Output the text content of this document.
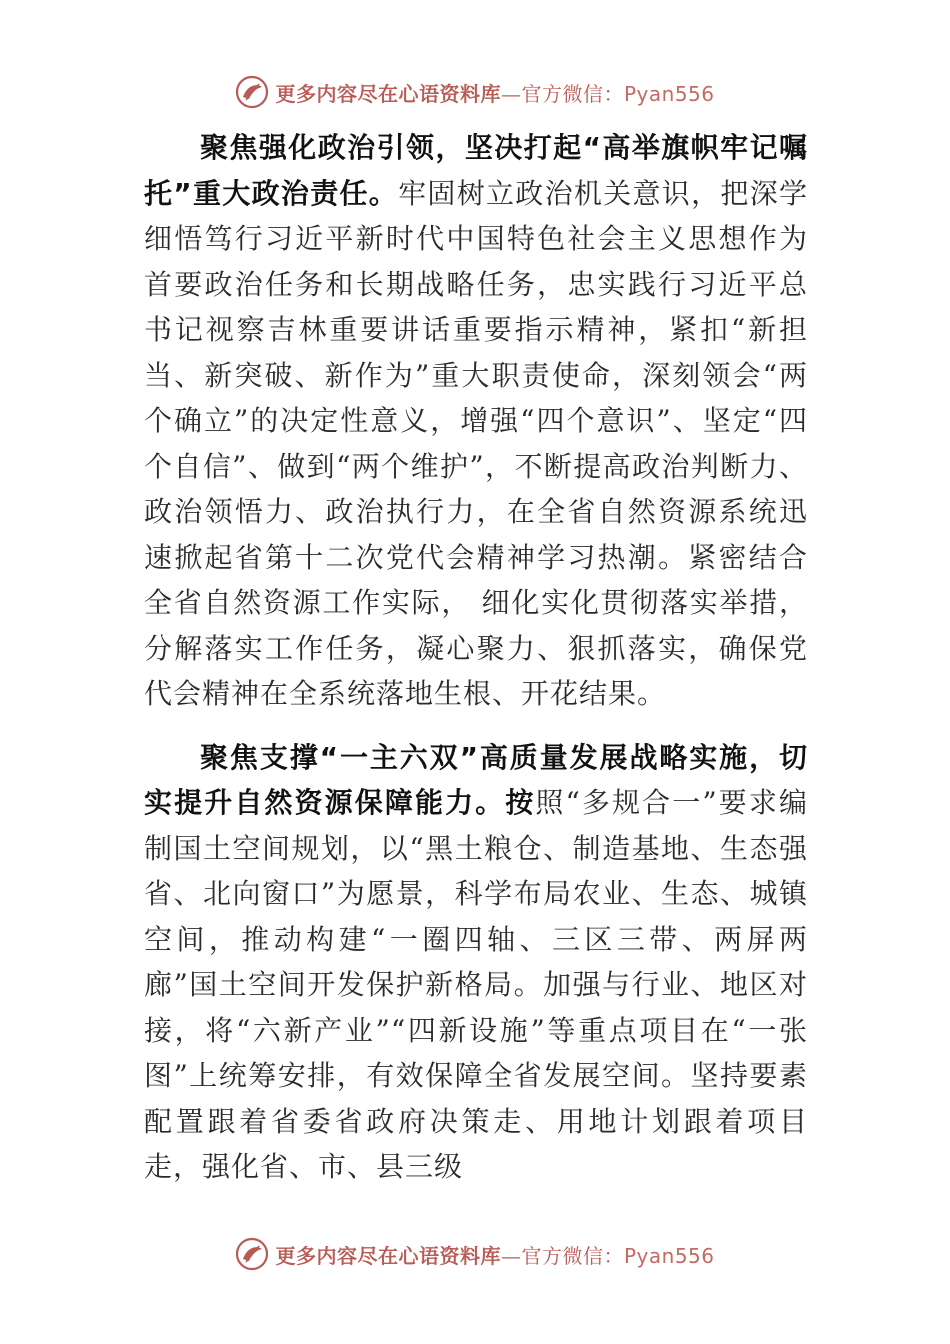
更多内容尽在心语资料库—官方微信：Pyan556

聚焦强化政治引领，坚决打起“高举旗帜牢记嘱托”重大政治责任。牢固树立政治机关意识，把深学细悟笃行习近平新时代中国特色社会主义思想作为首要政治任务和长期战略任务，忠实践行习近平总书记视察吉林重要讲话重要指示精神，紧扣“新担当、新突破、新作为”重大职责使命，深刻领会“两个确立”的决定性意义，增强“四个意识”、坚定“四个自信”、做到“两个维护”，不断提高政治判断力、政治领悟力、政治执行力，在全省自然资源系统迅速掀起省第十二次党代会精神学习热潮。紧密结合全省自然资源工作实际， 细化实化贯彻落实举措，分解落实工作任务，凝心聚力、狠抓落实，确保党代会精神在全系统落地生根、开花结果。

聚焦支撑“一主六双”高质量发展战略实施，切实提升自然资源保障能力。按照“多规合一”要求编制国土空间规划，以“黑土粮仓、制造基地、生态强省、北向窗口”为愿景，科学布局农业、生态、城镇空间，推动构建“一圈四轴、三区三带、两屏两廊”国土空间开发保护新格局。加强与行业、地区对接，将“六新产业”“四新设施”等重点项目在“一张图”上统筹安排，有效保障全省发展空间。坚持要素配置跟着省委省政府决策走、用地计划跟着项目走，强化省、市、县三级

更多内容尽在心语资料库—官方微信：Pyan556
